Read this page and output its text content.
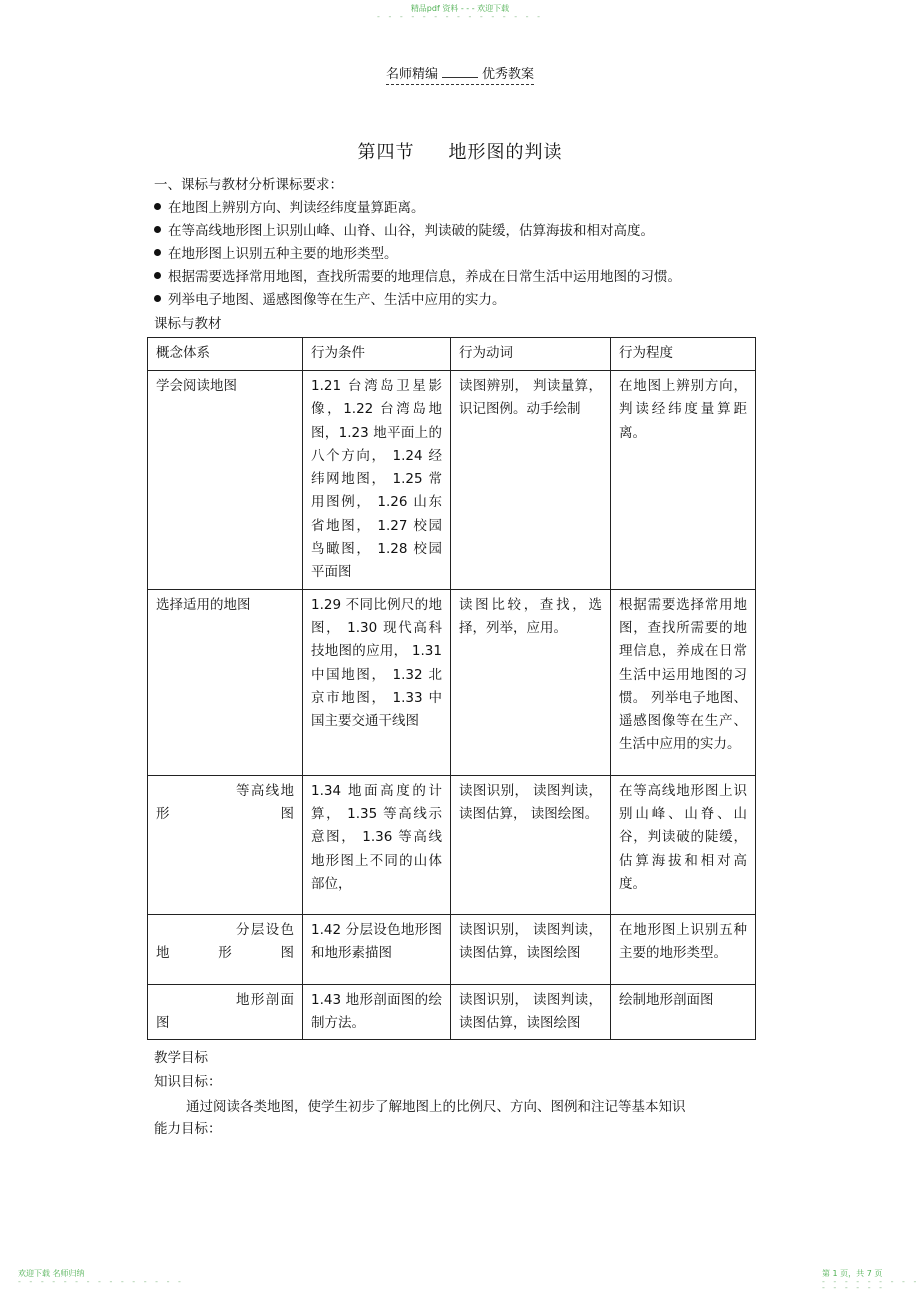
精品pdf 资料 - - - 欢迎下载
- - - - - - - - - - - - - - -
名师精编	优秀教案
第四节 地形图的判读
一、课标与教材分析课标要求：
在地图上辨别方向、判读经纬度量算距离。
在等高线地形图上识别山峰、山脊、山谷，判读破的陡缓，估算海拔和相对高度。
在地形图上识别五种主要的地形类型。
根据需要选择常用地图，查找所需要的地理信息，养成在日常生活中运用地图的习惯。
列举电子地图、遥感图像等在生产、生活中应用的实力。
课标与教材
概念体系	行为条件	行为动词	行为程度
学会阅读地图	1.21 台湾岛卫星影像，1.22 台湾岛地图，1.23 地平面上的八个方向， 1.24 经纬网地图， 1.25 常用图例， 1.26 山东省地图， 1.27 校园鸟瞰图， 1.28 校园平面图	读图辨别， 判读量算，识记图例。动手绘制	在地图上辨别方向，判读经纬度量算距离。
选择适用的地图	1.29 不同比例尺的地图， 1.30 现代高科技地图的应用， 1.31 中国地图， 1.32 北京市地图， 1.33 中国主要交通干线图	读图比较，查找，选择，列举，应用。	根据需要选择常用地图，查找所需要的地理信息，养成在日常生活中运用地图的习惯。 列举电子地图、遥感图像等在生产、生活中应用的实力。
等高线地形图	1.34 地面高度的计算， 1.35 等高线示意图， 1.36 等高线地形图上不同的山体部位，	读图识别， 读图判读，读图估算， 读图绘图。	在等高线地形图上识别山峰、山脊、山谷，判读破的陡缓，估算海拔和相对高度。
分层设色地形图	1.42 分层设色地形图和地形素描图	读图识别， 读图判读，读图估算，读图绘图	在地形图上识别五种主要的地形类型。
地形剖面图	1.43 地形剖面图的绘制方法。	读图识别， 读图判读，读图估算，读图绘图	绘制地形剖面图
教学目标
知识目标：
通过阅读各类地图，使学生初步了解地图上的比例尺、方向、图例和注记等基本知识
能力目标：
欢迎下载 名师归纳
- - - - - - - - - - - - - - -
第 1 页，共 7 页
- - - - - - - - - - - - - - -
